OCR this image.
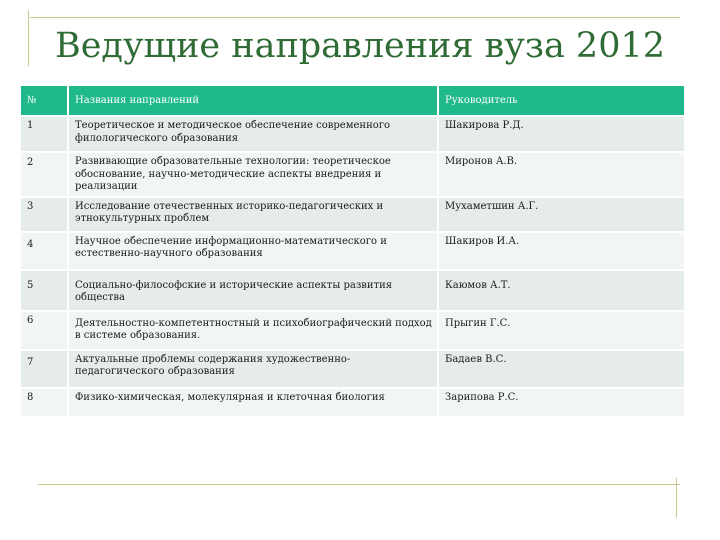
Ведущие направления вуза 2012
№	Названия направлений	Руководитель
1	Теоретическое и методическое обеспечение современного филологического образования	Шакирова Р.Д.
2	Развивающие образовательные технологии: теоретическое обоснование, научно-методические аспекты внедрения и реализации	Миронов А.В.
3	Исследование отечественных историко-педагогических и этнокультурных проблем	Мухаметшин А.Г.
4	Научное обеспечение информационно-математического и естественно-научного образования	Шакиров И.А.
5	Социально-философские и исторические аспекты развития общества	Каюмов А.Т.
6	Деятельностно-компетентностный и психобиографический подход в системе образования.	Прыгин Г.С.
7	Актуальные проблемы содержания художественно-педагогического образования	Бадаев В.С.
8	Физико-химическая, молекулярная и клеточная биология	Зарипова Р.С.
